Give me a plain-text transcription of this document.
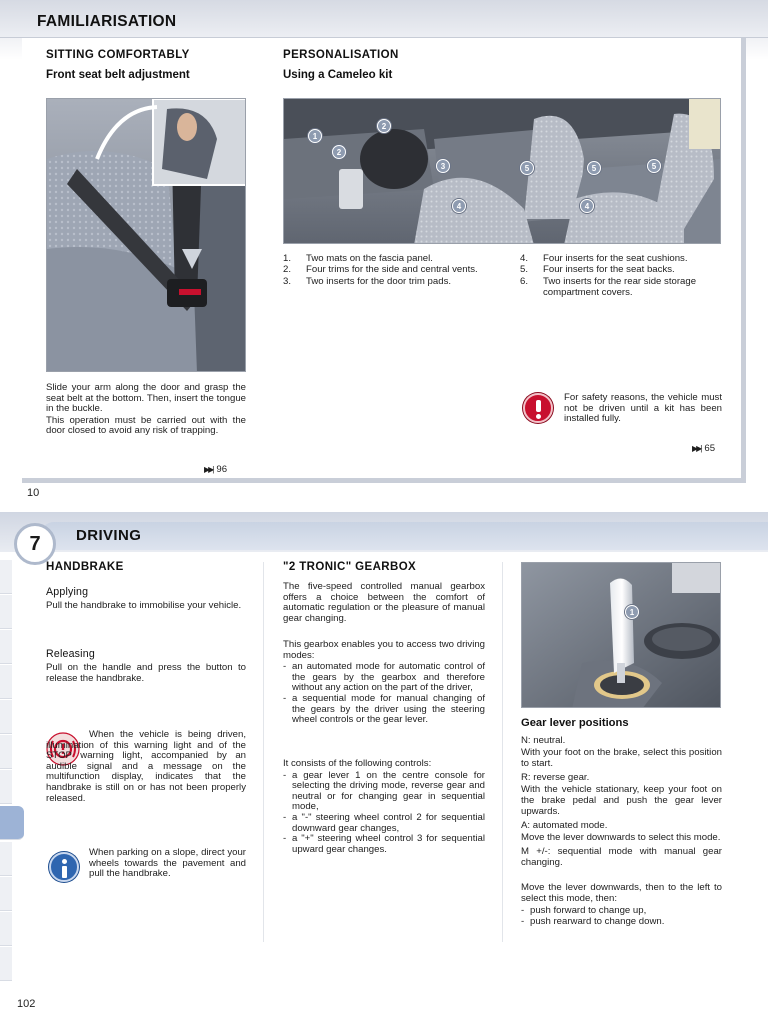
FAMILIARISATION
SITTING COMFORTABLY
Front seat belt adjustment

Slide your arm along the door and grasp the seat belt at the bottom. Then, insert the tongue in the buckle.

This operation must be carried out with the door closed to avoid any risk of trapping.

▶▶| 96
PERSONALISATION
Using a Cameleo kit
1
2
2
3
4	4
5	5	5
1.	Two mats on the fascia panel.
2.	Four trims for the side and central vents.
3.	Two inserts for the door trim pads.
4.	Four inserts for the seat cushions.
5.	Four inserts for the seat backs.
6.	Two inserts for the rear side storage compartment covers.
For safety reasons, the vehicle must not be driven until a kit has been installed fully.
▶▶| 65
10
7	DRIVING
HANDBRAKE
Applying
Pull the handbrake to immobilise your vehicle.
Releasing
Pull on the handle and press the button to release the handbrake.
When the vehicle is being driven, illumination of this warning light and of the STOP warning light, accompanied by an audible signal and a message on the multifunction display, indicates that the handbrake is still on or has not been properly released.
When parking on a slope, direct your wheels towards the pavement and pull the handbrake.
"2 TRONIC" GEARBOX
The five-speed controlled manual gearbox offers a choice between the comfort of automatic regulation or the pleasure of manual gear changing.

This gearbox enables you to access two driving modes:

- an automated mode for automatic control of the gears by the gearbox and therefore without any action on the part of the driver,
- a sequential mode for manual changing of the gears by the driver using the steering wheel controls or the gear lever.

It consists of the following controls:

- a gear lever 1 on the centre console for selecting the driving mode, reverse gear and neutral or for changing gear in sequential mode,
- a "-" steering wheel control 2 for sequential downward gear changes,
- a "+" steering wheel control 3 for sequential upward gear changes.
1
Gear lever positions

N: neutral.

With your foot on the brake, select this position to start.

R: reverse gear.

With the vehicle stationary, keep your foot on the brake pedal and push the gear lever upwards.

A: automated mode.

Move the lever downwards to select this mode.

M +/-: sequential mode with manual gear changing.

Move the lever downwards, then to the left to select this mode, then:

- push forward to change up,
- push rearward to change down.
102
